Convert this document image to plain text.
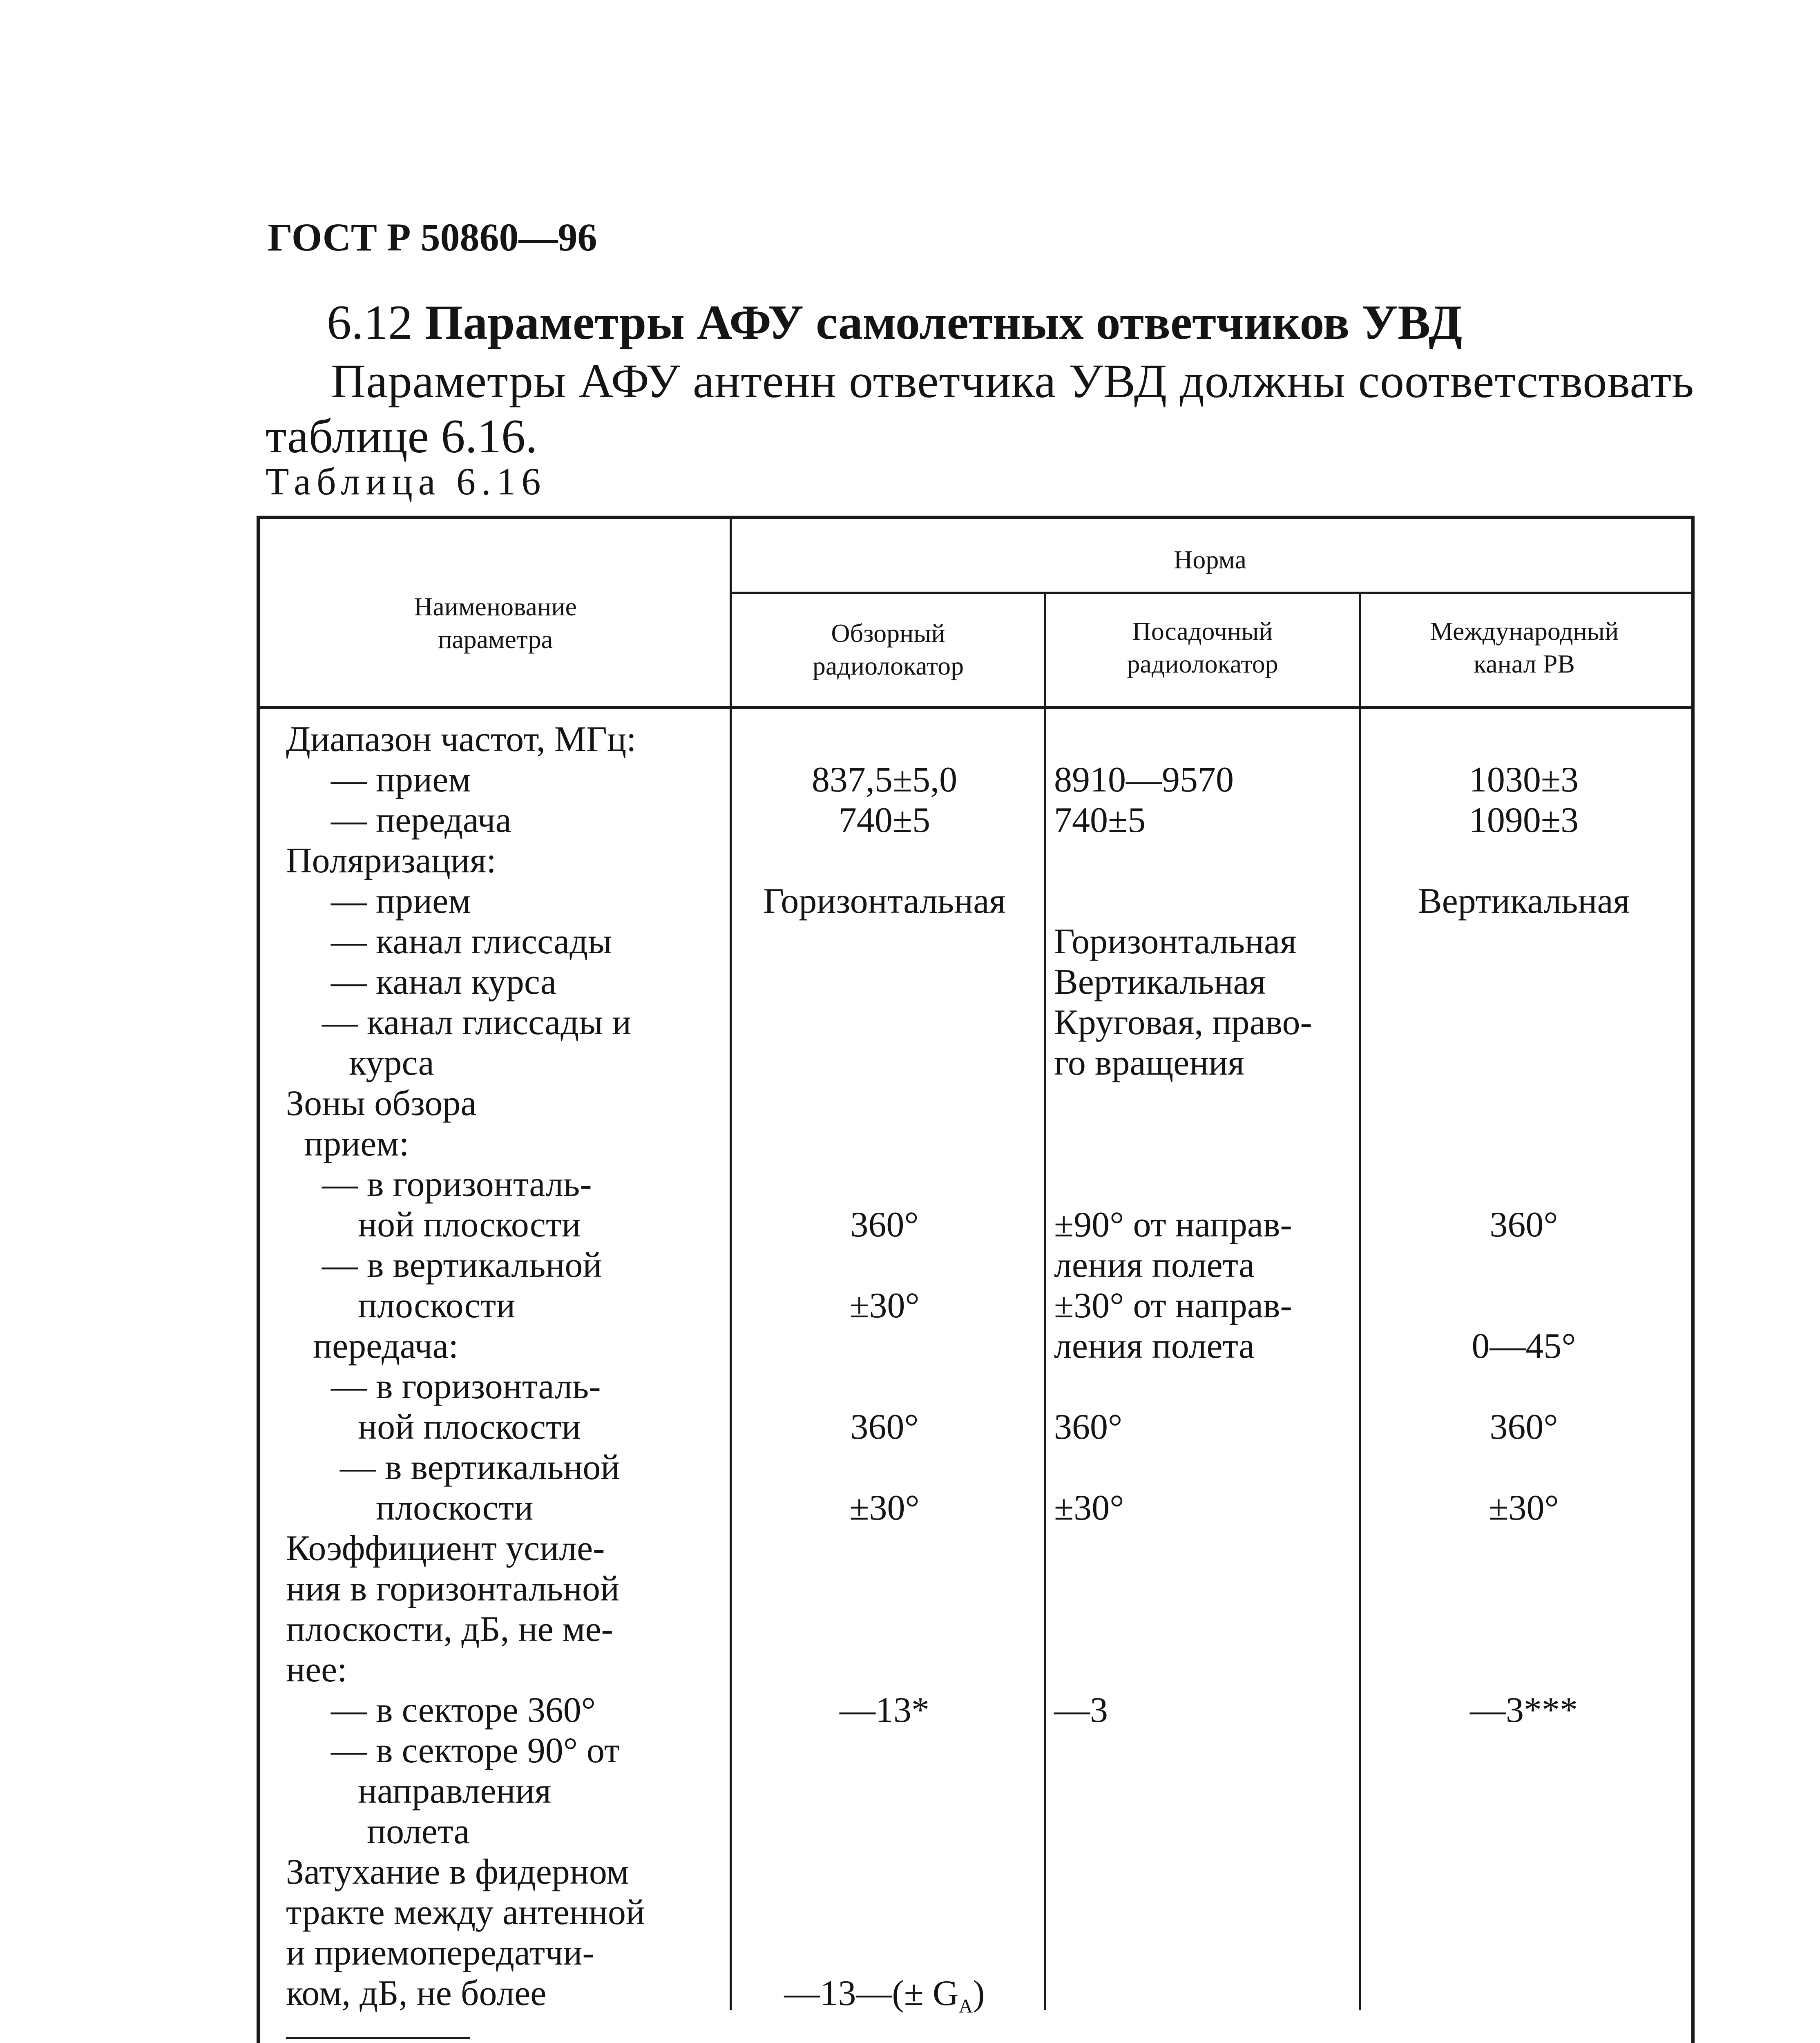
ГОСТ Р 50860—96
6.12 Параметры АФУ самолетных ответчиков УВД
Параметры АФУ антенн ответчика УВД должны соответствовать
таблице 6.16.
Таблица 6.16
Наименование
параметра
Норма
Обзорный
радиолокатор
Посадочный
радиолокатор
Международный
канал РВ
Диапазон частот, МГц:
— прием
— передача
Поляризация:
— прием
— канал глиссады
— канал курса
— канал глиссады и
курса
Зоны обзора
прием:
— в горизонталь-
ной плоскости
— в вертикальной
плоскости
передача:
— в горизонталь-
ной плоскости
— в вертикальной
плоскости
Коэффициент усиле-
ния в горизонтальной
плоскости, дБ, не ме-
нее:
— в секторе 360°
— в секторе 90° от
направления
полета
Затухание в фидерном
тракте между антенной
и приемопередатчи-
ком, дБ, не более
837,5±5,0
740±5
Горизонтальная
360°
±30°
360°
±30°
—13*
—13—(± $G_А$)
8910—9570
740±5
Горизонтальная
Вертикальная
Круговая, право-
го вращения
±90° от направ-
ления полета
±30° от направ-
ления полета
360°
±30°
—3
1030±3
1090±3
Вертикальная
360°
0—45°
360°
±30°
—3***
